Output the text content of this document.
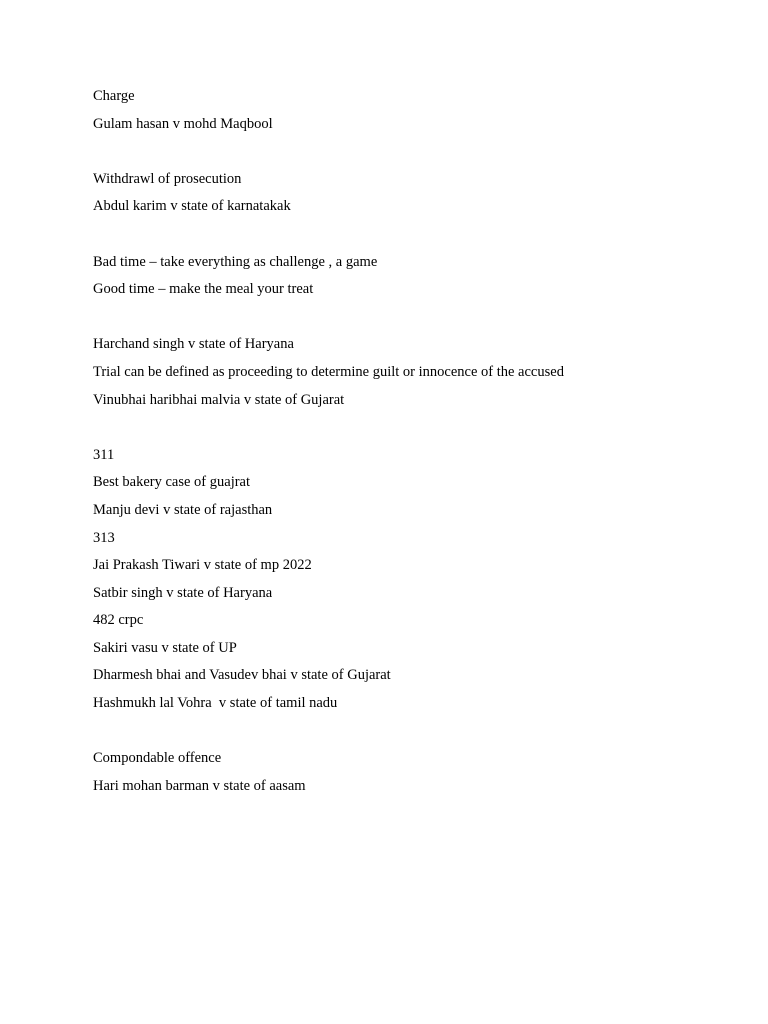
Charge
Gulam hasan v mohd Maqbool
Withdrawl of prosecution
Abdul karim v state of karnatakak
Bad time – take everything as challenge , a game
Good time – make the meal your treat
Harchand singh v state of Haryana
Trial can be defined as proceeding to determine guilt or innocence of the accused
Vinubhai haribhai malvia v state of Gujarat
311
Best bakery case of guajrat
Manju devi v state of rajasthan
313
Jai Prakash Tiwari v state of mp 2022
Satbir singh v state of Haryana
482 crpc
Sakiri vasu v state of UP
Dharmesh bhai and Vasudev bhai v state of Gujarat
Hashmukh lal Vohra  v state of tamil nadu
Compondable offence
Hari mohan barman v state of aasam
